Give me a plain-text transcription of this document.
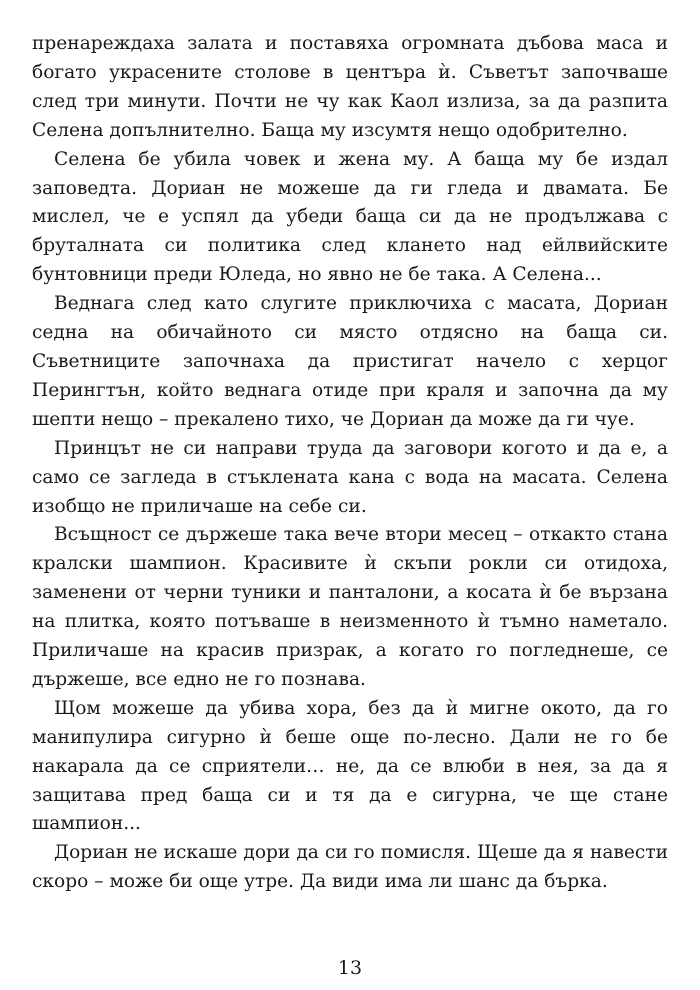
пренареждаха залата и поставяха огромната дъбова маса и богато украсените столове в центъра ѝ. Съветът започваше след три минути. Почти не чу как Каол излиза, за да разпита Селена допълнително. Баща му изсумтя нещо одобрително.

Селена бе убила човек и жена му. А баща му бе издал заповедта. Дориан не можеше да ги гледа и двамата. Бе мислел, че е успял да убеди баща си да не продължава с бруталната си политика след клането над ейлвийските бунтовници преди Юледа, но явно не бе така. А Селена...

Веднага след като слугите приключиха с масата, Дориан седна на обичайното си място отдясно на баща си. Съветниците започнаха да пристигат начело с херцог Перингтън, който веднага отиде при краля и започна да му шепти нещо – прекалено тихо, че Дориан да може да ги чуе.

Принцът не си направи труда да заговори когото и да е, а само се загледа в стъклената кана с вода на масата. Селена изобщо не приличаше на себе си.

Всъщност се държеше така вече втори месец – откакто стана кралски шампион. Красивите ѝ скъпи рокли си отидоха, заменени от черни туники и панталони, а косата ѝ бе вързана на плитка, която потъваше в неизменното ѝ тъмно наметало. Приличаше на красив призрак, а когато го погледнеше, се държеше, все едно не го познава.

Щом можеше да убива хора, без да ѝ мигне окото, да го манипулира сигурно ѝ беше още по-лесно. Дали не го бе накарала да се сприятели… не, да се влюби в нея, за да я защитава пред баща си и тя да е сигурна, че ще стане шампион...

Дориан не искаше дори да си го помисля. Щеше да я навести скоро – може би още утре. Да види има ли шанс да бърка.

13
